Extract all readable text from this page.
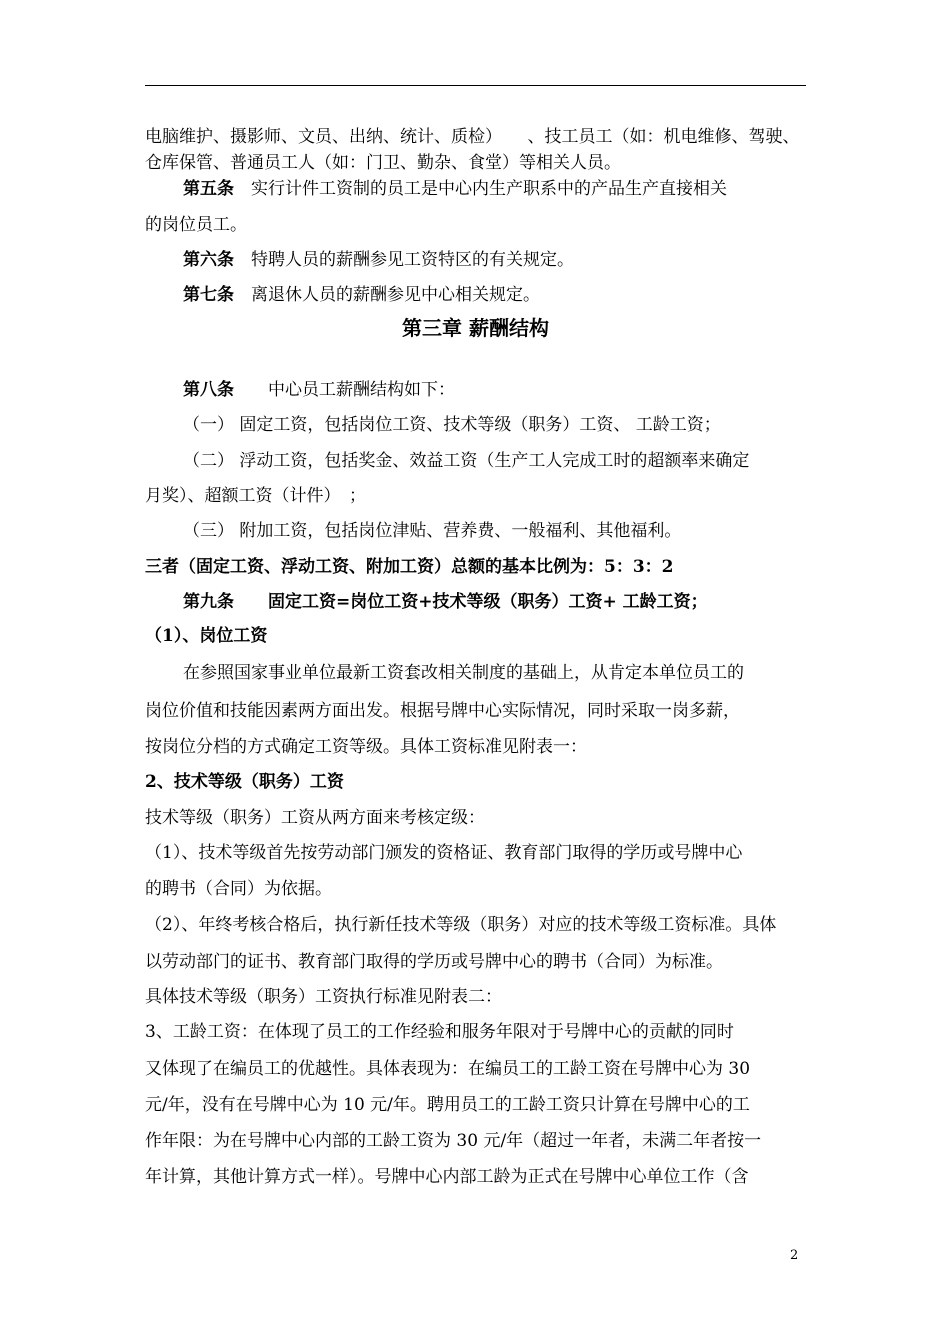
电脑维护、摄影师、文员、出纳、统计、质检）　　、技工员工（如：机电维修、驾驶、
仓库保管、普通员工人（如：门卫、勤杂、食堂）等相关人员。
第五条　实行计件工资制的员工是中心内生产职系中的产品生产直接相关
的岗位员工。
第六条　特聘人员的薪酬参见工资特区的有关规定。
第七条　离退休人员的薪酬参见中心相关规定。
第三章 薪酬结构
第八条　　中心员工薪酬结构如下：
（一） 固定工资，包括岗位工资、技术等级（职务）工资、 工龄工资；
（二） 浮动工资，包括奖金、效益工资（生产工人完成工时的超额率来确定
月奖）、超额工资（计件）　；
（三） 附加工资，包括岗位津贴、营养费、一般福利、其他福利。
三者（固定工资、浮动工资、附加工资）总额的基本比例为：5：3：2
第九条　　固定工资=岗位工资+技术等级（职务）工资+ 工龄工资；
（1）、岗位工资
在参照国家事业单位最新工资套改相关制度的基础上，从肯定本单位员工的
岗位价值和技能因素两方面出发。根据号牌中心实际情况，同时采取一岗多薪，
按岗位分档的方式确定工资等级。具体工资标准见附表一：
2、技术等级（职务）工资
技术等级（职务）工资从两方面来考核定级：
（1）、技术等级首先按劳动部门颁发的资格证、教育部门取得的学历或号牌中心
的聘书（合同）为依据。
（2）、年终考核合格后，执行新任技术等级（职务）对应的技术等级工资标准。具体
以劳动部门的证书、教育部门取得的学历或号牌中心的聘书（合同）为标准。
具体技术等级（职务）工资执行标准见附表二：
3、工龄工资：在体现了员工的工作经验和服务年限对于号牌中心的贡献的同时
又体现了在编员工的优越性。具体表现为：在编员工的工龄工资在号牌中心为 30
元/年，没有在号牌中心为 10 元/年。聘用员工的工龄工资只计算在号牌中心的工
作年限：为在号牌中心内部的工龄工资为 30 元/年（超过一年者，未满二年者按一
年计算，其他计算方式一样）。号牌中心内部工龄为正式在号牌中心单位工作（含
2
